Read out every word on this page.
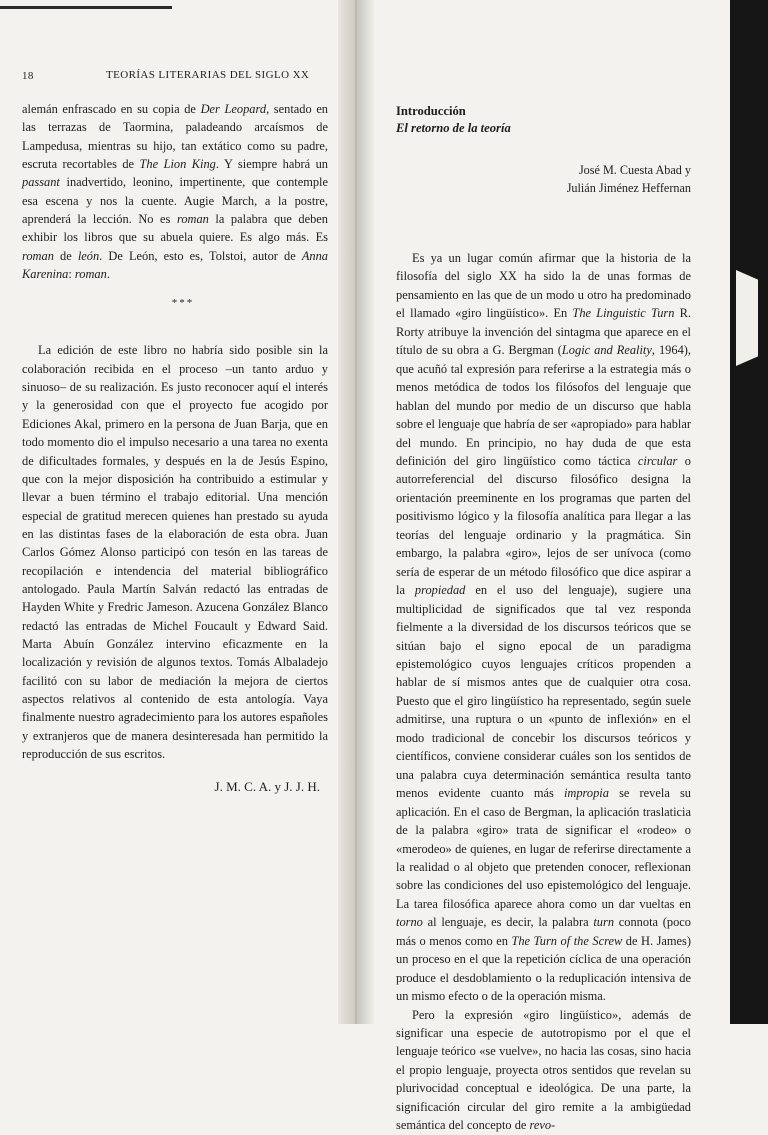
18	TEORÍAS LITERARIAS DEL SIGLO XX

alemán enfrascado en su copia de Der Leopard, sentado en las terrazas de Taormina, paladeando arcaísmos de Lampedusa, mientras su hijo, tan extático como su padre, escruta recortables de The Lion King. Y siempre habrá un passant inadvertido, leonino, impertinente, que contemple esa escena y nos la cuente. Augie March, a la postre, aprenderá la lección. No es roman la palabra que deben exhibir los libros que su abuela quiere. Es algo más. Es roman de león. De León, esto es, Tolstoi, autor de Anna Karenina: roman.

***

La edición de este libro no habría sido posible sin la colaboración recibida en el proceso –un tanto arduo y sinuoso– de su realización. Es justo reconocer aquí el interés y la generosidad con que el proyecto fue acogido por Ediciones Akal, primero en la persona de Juan Barja, que en todo momento dio el impulso necesario a una tarea no exenta de dificultades formales, y después en la de Jesús Espino, que con la mejor disposición ha contribuido a estimular y llevar a buen término el trabajo editorial. Una mención especial de gratitud merecen quienes han prestado su ayuda en las distintas fases de la elaboración de esta obra. Juan Carlos Gómez Alonso participó con tesón en las tareas de recopilación e intendencia del material bibliográfico antologado. Paula Martín Salván redactó las entradas de Hayden White y Fredric Jameson. Azucena González Blanco redactó las entradas de Michel Foucault y Edward Said. Marta Abuín González intervino eficazmente en la localización y revisión de algunos textos. Tomás Albaladejo facilitó con su labor de mediación la mejora de ciertos aspectos relativos al contenido de esta antología. Vaya finalmente nuestro agradecimiento para los autores españoles y extranjeros que de manera desinteresada han permitido la reproducción de sus escritos.

J. M. C. A. y J. J. H.
Introducción
El retorno de la teoría
José M. Cuesta Abad y
Julián Jiménez Heffernan

Es ya un lugar común afirmar que la historia de la filosofía del siglo XX ha sido la de unas formas de pensamiento en las que de un modo u otro ha predominado el llamado «giro lingüístico». En The Linguistic Turn R. Rorty atribuye la invención del sintagma que aparece en el título de su obra a G. Bergman (Logic and Reality, 1964), que acuñó tal expresión para referirse a la estrategia más o menos metódica de todos los filósofos del lenguaje que hablan del mundo por medio de un discurso que habla sobre el lenguaje que habría de ser «apropiado» para hablar del mundo. En principio, no hay duda de que esta definición del giro lingüístico como táctica circular o autorreferencial del discurso filosófico designa la orientación preeminente en los programas que parten del positivismo lógico y la filosofía analítica para llegar a las teorías del lenguaje ordinario y la pragmática. Sin embargo, la palabra «giro», lejos de ser unívoca (como sería de esperar de un método filosófico que dice aspirar a la propiedad en el uso del lenguaje), sugiere una multiplicidad de significados que tal vez responda fielmente a la diversidad de los discursos teóricos que se sitúan bajo el signo epocal de un paradigma epistemológico cuyos lenguajes críticos propenden a hablar de sí mismos antes que de cualquier otra cosa. Puesto que el giro lingüístico ha representado, según suele admitirse, una ruptura o un «punto de inflexión» en el modo tradicional de concebir los discursos teóricos y científicos, conviene considerar cuáles son los sentidos de una palabra cuya determinación semántica resulta tanto menos evidente cuanto más impropia se revela su aplicación. En el caso de Bergman, la aplicación traslaticia de la palabra «giro» trata de significar el «rodeo» o «merodeo» de quienes, en lugar de referirse directamente a la realidad o al objeto que pretenden conocer, reflexionan sobre las condiciones del uso epistemológico del lenguaje. La tarea filosófica aparece ahora como un dar vueltas en torno al lenguaje, es decir, la palabra turn connota (poco más o menos como en The Turn of the Screw de H. James) un proceso en el que la repetición cíclica de una operación produce el desdoblamiento o la reduplicación intensiva de un mismo efecto o de la operación misma.

Pero la expresión «giro lingüístico», además de significar una especie de autotropismo por el que el lenguaje teórico «se vuelve», no hacia las cosas, sino hacia el propio lenguaje, proyecta otros sentidos que revelan su plurivocidad conceptual e ideológica. De una parte, la significación circular del giro remite a la ambigüedad semántica del concepto de revo-
